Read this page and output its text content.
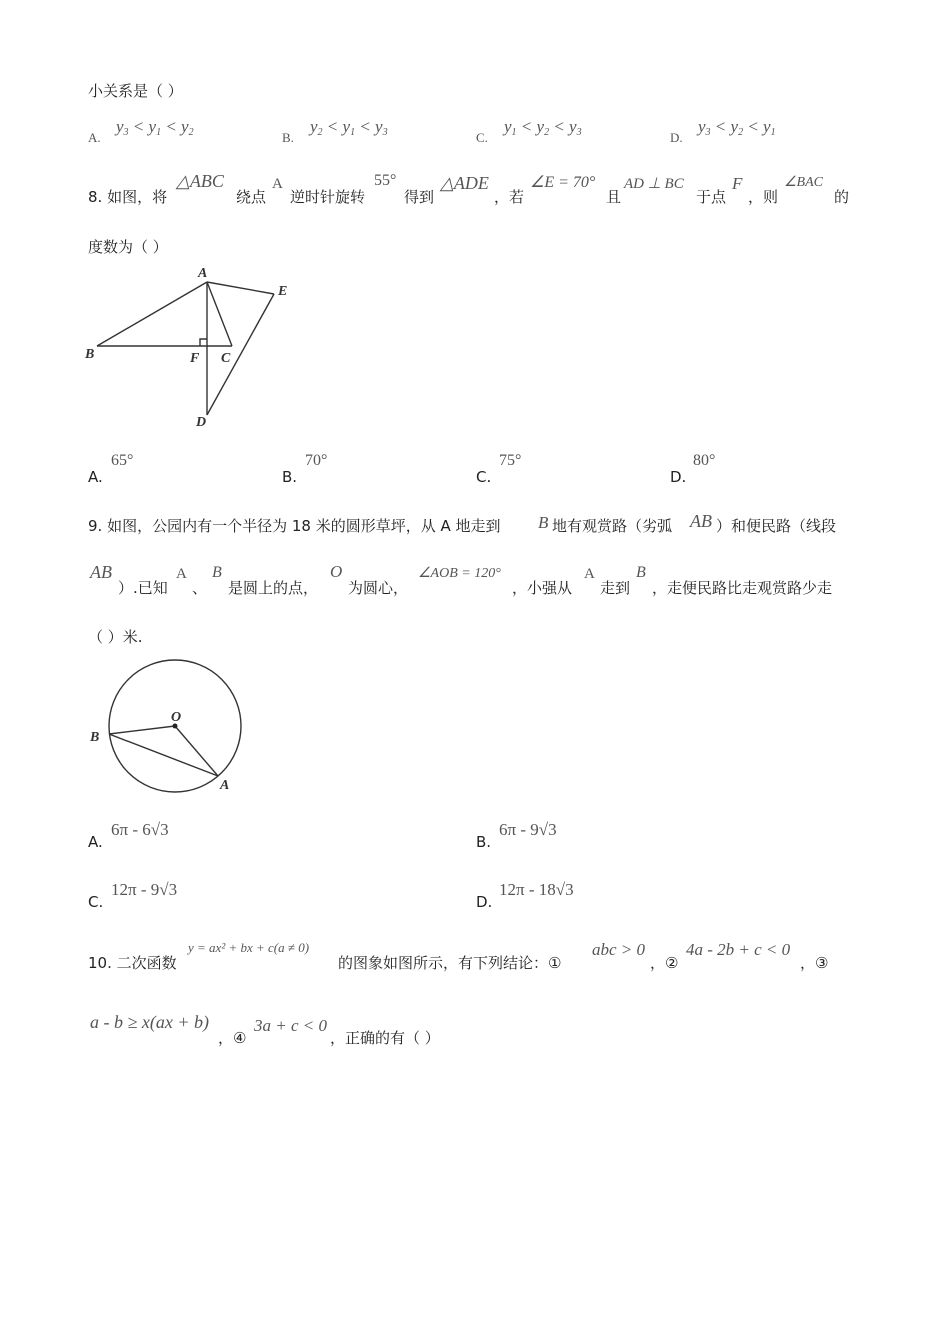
小关系是（ ）
A.
$y_3 < y_1 < y_2$	B.
$y_2 < y_1 < y_3$	C.
$y_1 < y_2 < y_3$	D.
$y_3 < y_2 < y_1$
8. 如图，将
△ABC
绕点
A
逆时针旋转
55°
得到
△ADE
，若
∠E = 70°
且
AD ⊥ BC
于点
F
，则
∠BAC
的
度数为（ ）
A
B	C
D
E
F
A.
65°
B.
70°
C.
75°
D.
80°
9. 如图，公园内有一个半径为 18 米的圆形草坪，从 A 地走到 B 地有观赏路（劣弧 AB ）和便民路（线段
AB
）.已知
A
、
B
是圆上的点，
O
为圆心，
∠AOB = 120°
，小强从
A
走到
B
，走便民路比走观赏路少走
（ ）米.
O
A
B
A.
6π - 6√3
B.
6π - 9√3
C.
12π - 9√3
D.
12π - 18√3
10. 二次函数
y = ax² + bx + c(a ≠ 0)
的图象如图所示，有下列结论：①
abc > 0
，②
4a - 2b + c < 0
，③
a - b ≥ x(ax + b)
，④
3a + c < 0
，正确的有（ ）
